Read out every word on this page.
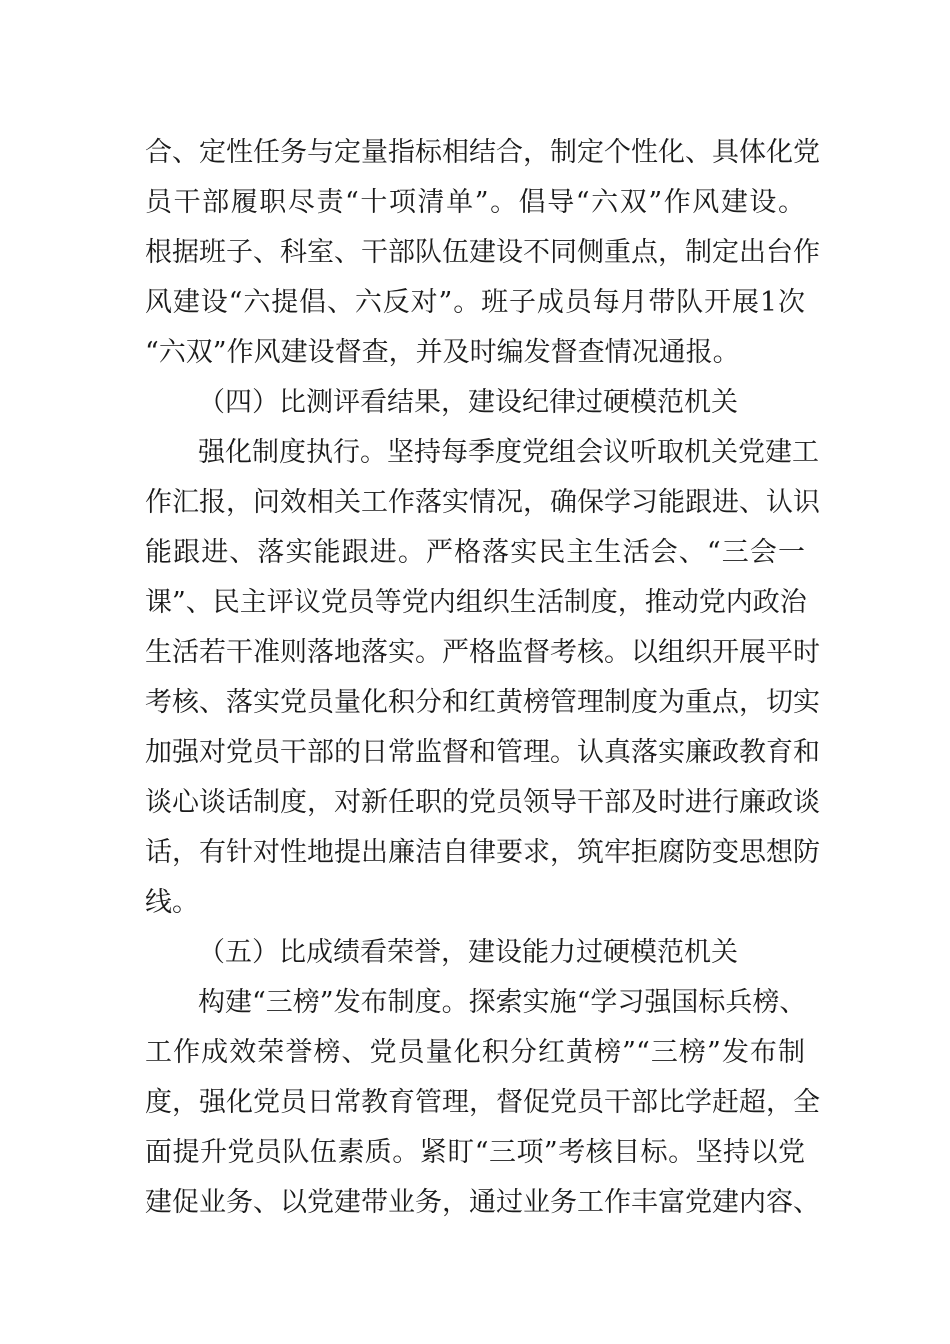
合、定性任务与定量指标相结合，制定个性化、具体化党
员干部履职尽责“十项清单”。倡导“六双”作风建设。
根据班子、科室、干部队伍建设不同侧重点，制定出台作
风建设“六提倡、六反对”。班子成员每月带队开展1次
“六双”作风建设督查，并及时编发督查情况通报。
（四）比测评看结果，建设纪律过硬模范机关
强化制度执行。坚持每季度党组会议听取机关党建工
作汇报，问效相关工作落实情况，确保学习能跟进、认识
能跟进、落实能跟进。严格落实民主生活会、“三会一
课”、民主评议党员等党内组织生活制度，推动党内政治
生活若干准则落地落实。严格监督考核。以组织开展平时
考核、落实党员量化积分和红黄榜管理制度为重点，切实
加强对党员干部的日常监督和管理。认真落实廉政教育和
谈心谈话制度，对新任职的党员领导干部及时进行廉政谈
话，有针对性地提出廉洁自律要求，筑牢拒腐防变思想防
线。
（五）比成绩看荣誉，建设能力过硬模范机关
构建“三榜”发布制度。探索实施“学习强国标兵榜、
工作成效荣誉榜、党员量化积分红黄榜”“三榜”发布制
度，强化党员日常教育管理，督促党员干部比学赶超，全
面提升党员队伍素质。紧盯“三项”考核目标。坚持以党
建促业务、以党建带业务，通过业务工作丰富党建内容、
